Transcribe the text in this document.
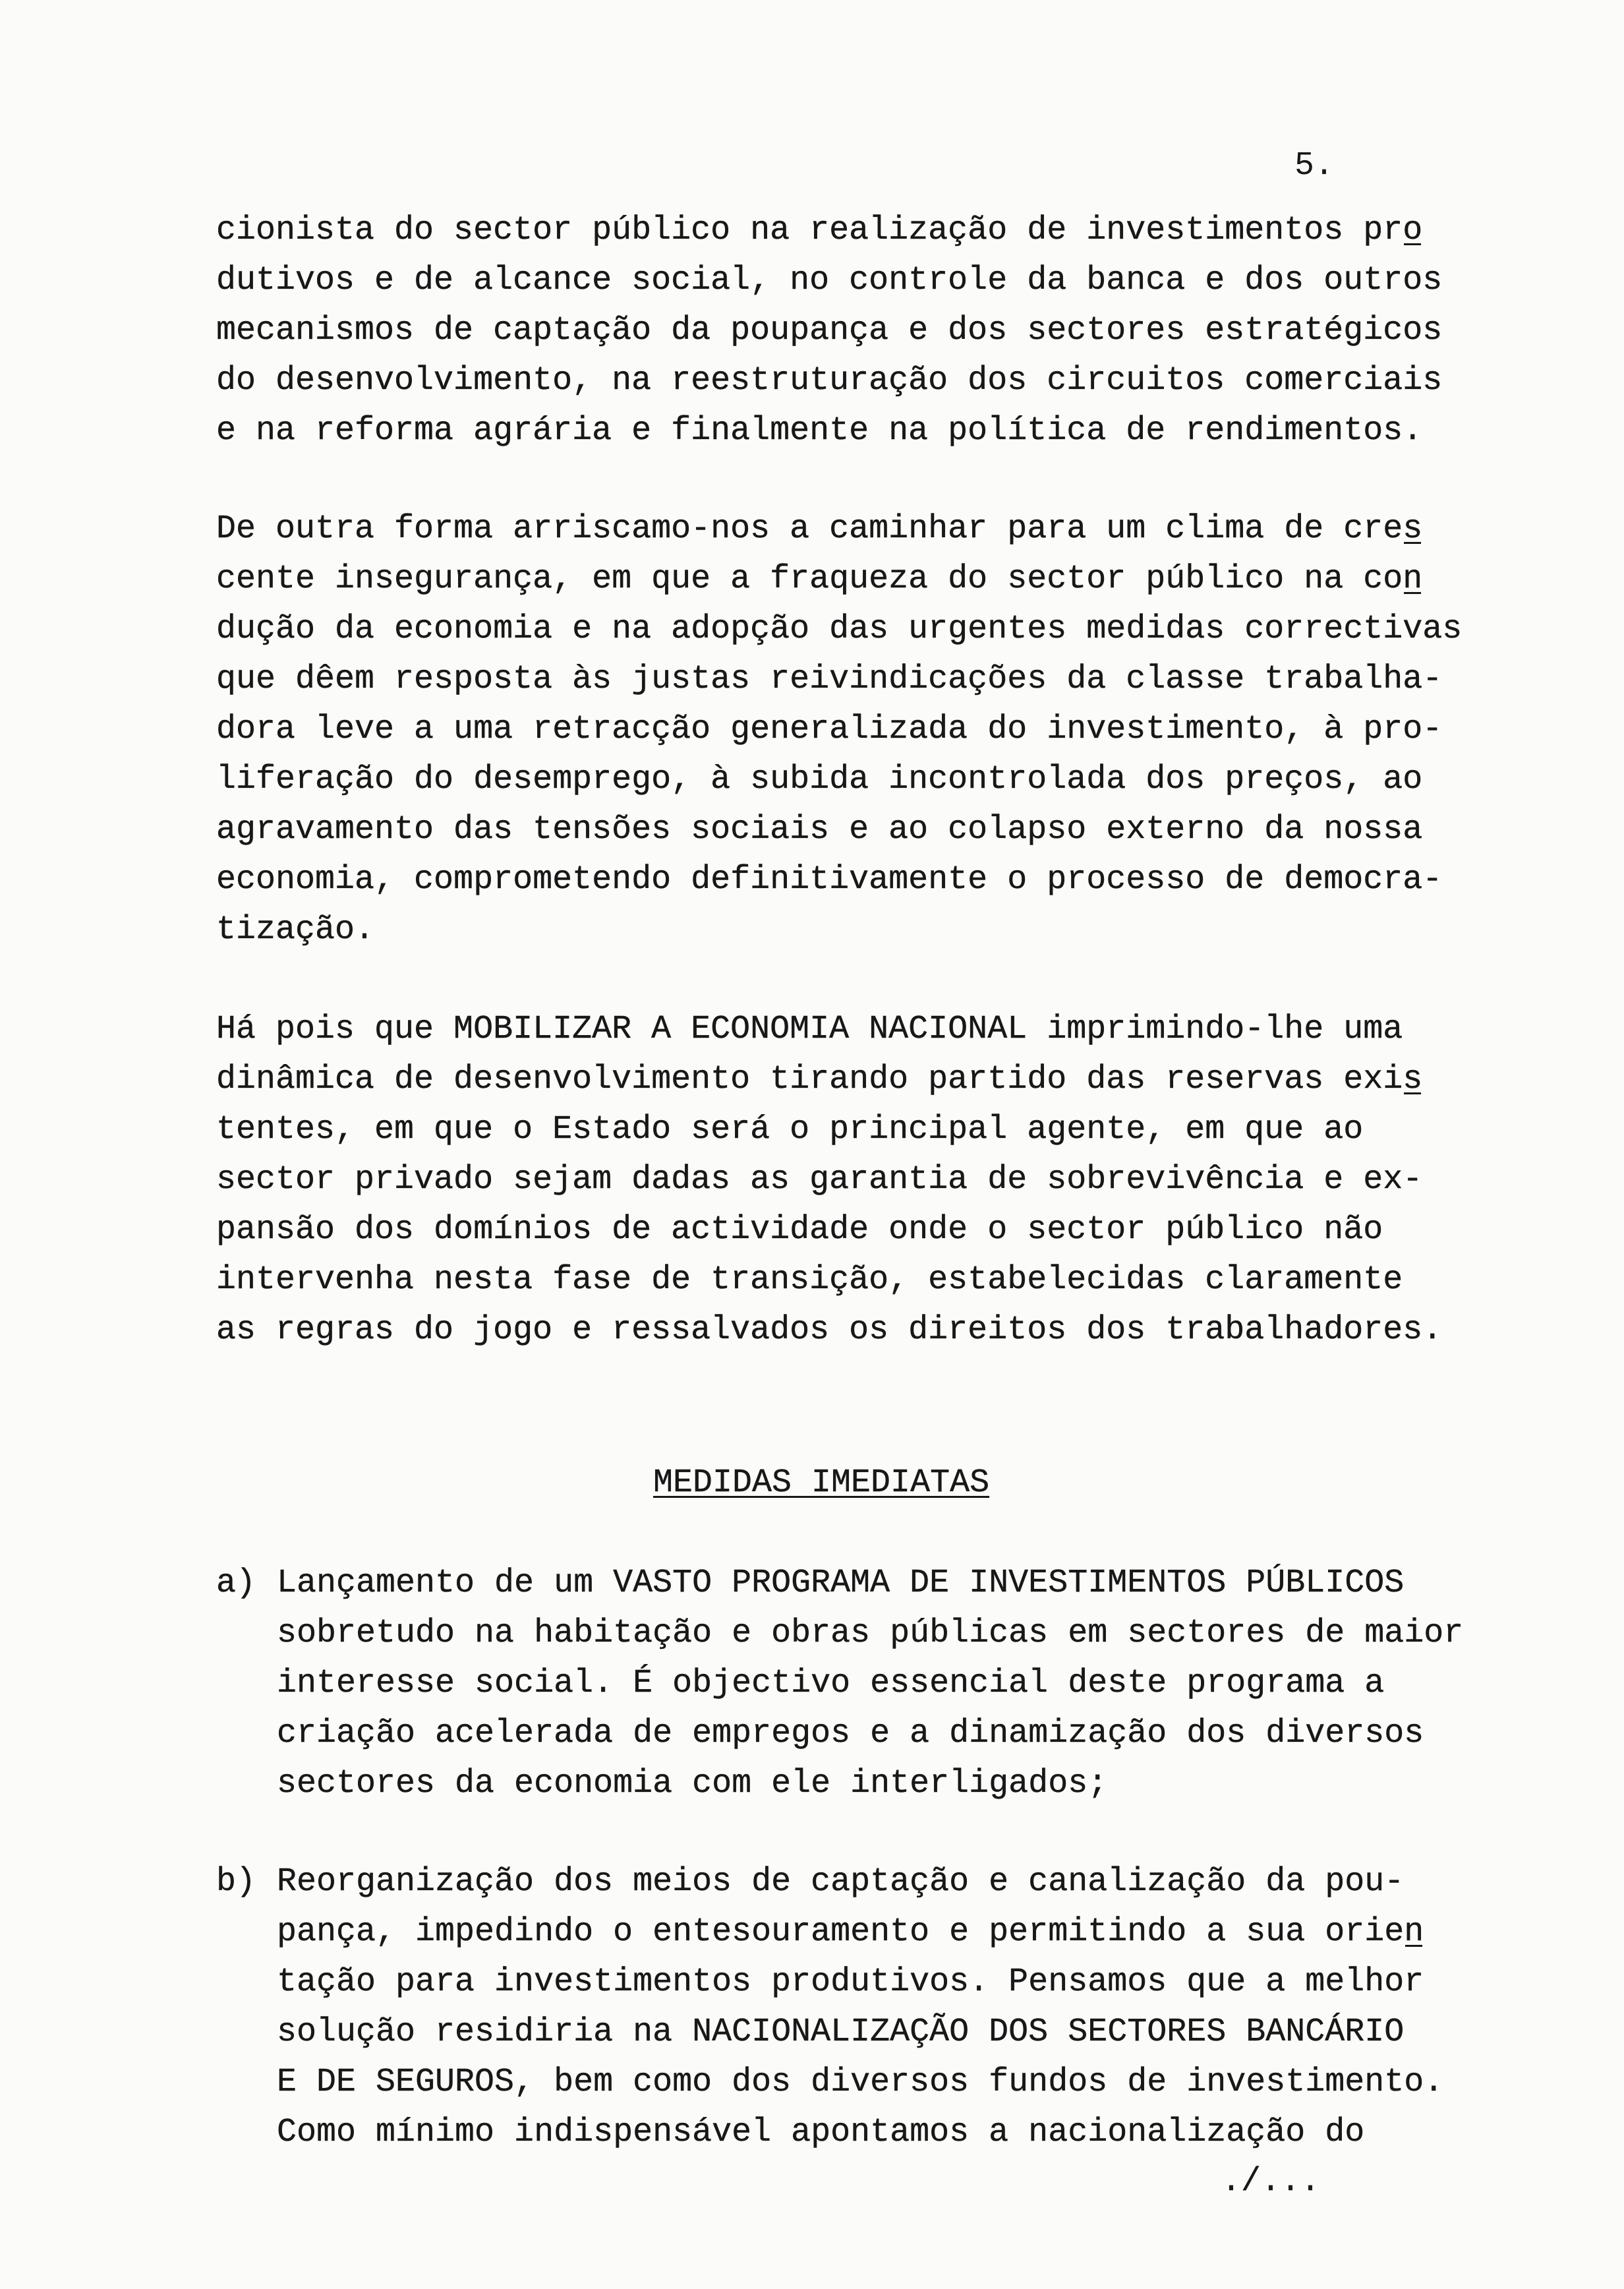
5.
cionista do sector público na realização de investimentos pro
dutivos e de alcance social, no controle da banca e dos outros
mecanismos de captação da poupança e dos sectores estratégicos
do desenvolvimento, na reestruturação dos circuitos comerciais
e na reforma agrária e finalmente na política de rendimentos.
De outra forma arriscamo-nos a caminhar para um clima de cres
cente insegurança, em que a fraqueza do sector público na con
dução da economia e na adopção das urgentes medidas correctivas
que dêem resposta às justas reivindicações da classe trabalha-
dora leve a uma retracção generalizada do investimento, à pro-
liferação do desemprego, à subida incontrolada dos preços, ao
agravamento das tensões sociais e ao colapso externo da nossa
economia, comprometendo definitivamente o processo de democra-
tização.
Há pois que MOBILIZAR A ECONOMIA NACIONAL imprimindo-lhe uma
dinâmica de desenvolvimento tirando partido das reservas exis
tentes, em que o Estado será o principal agente, em que ao
sector privado sejam dadas as garantia de sobrevivência e ex-
pansão dos domínios de actividade onde o sector público não
intervenha nesta fase de transição, estabelecidas claramente
as regras do jogo e ressalvados os direitos dos trabalhadores.
MEDIDAS IMEDIATAS
a) Lançamento de um VASTO PROGRAMA DE INVESTIMENTOS PÚBLICOS
sobretudo na habitação e obras públicas em sectores de maior
interesse social. É objectivo essencial deste programa a
criação acelerada de empregos e a dinamização dos diversos
sectores da economia com ele interligados;
b) Reorganização dos meios de captação e canalização da pou-
pança, impedindo o entesouramento e permitindo a sua orien
tação para investimentos produtivos. Pensamos que a melhor
solução residiria na NACIONALIZAÇÃO DOS SECTORES BANCÁRIO
E DE SEGUROS, bem como dos diversos fundos de investimento.
Como mínimo indispensável apontamos a nacionalização do
./...
